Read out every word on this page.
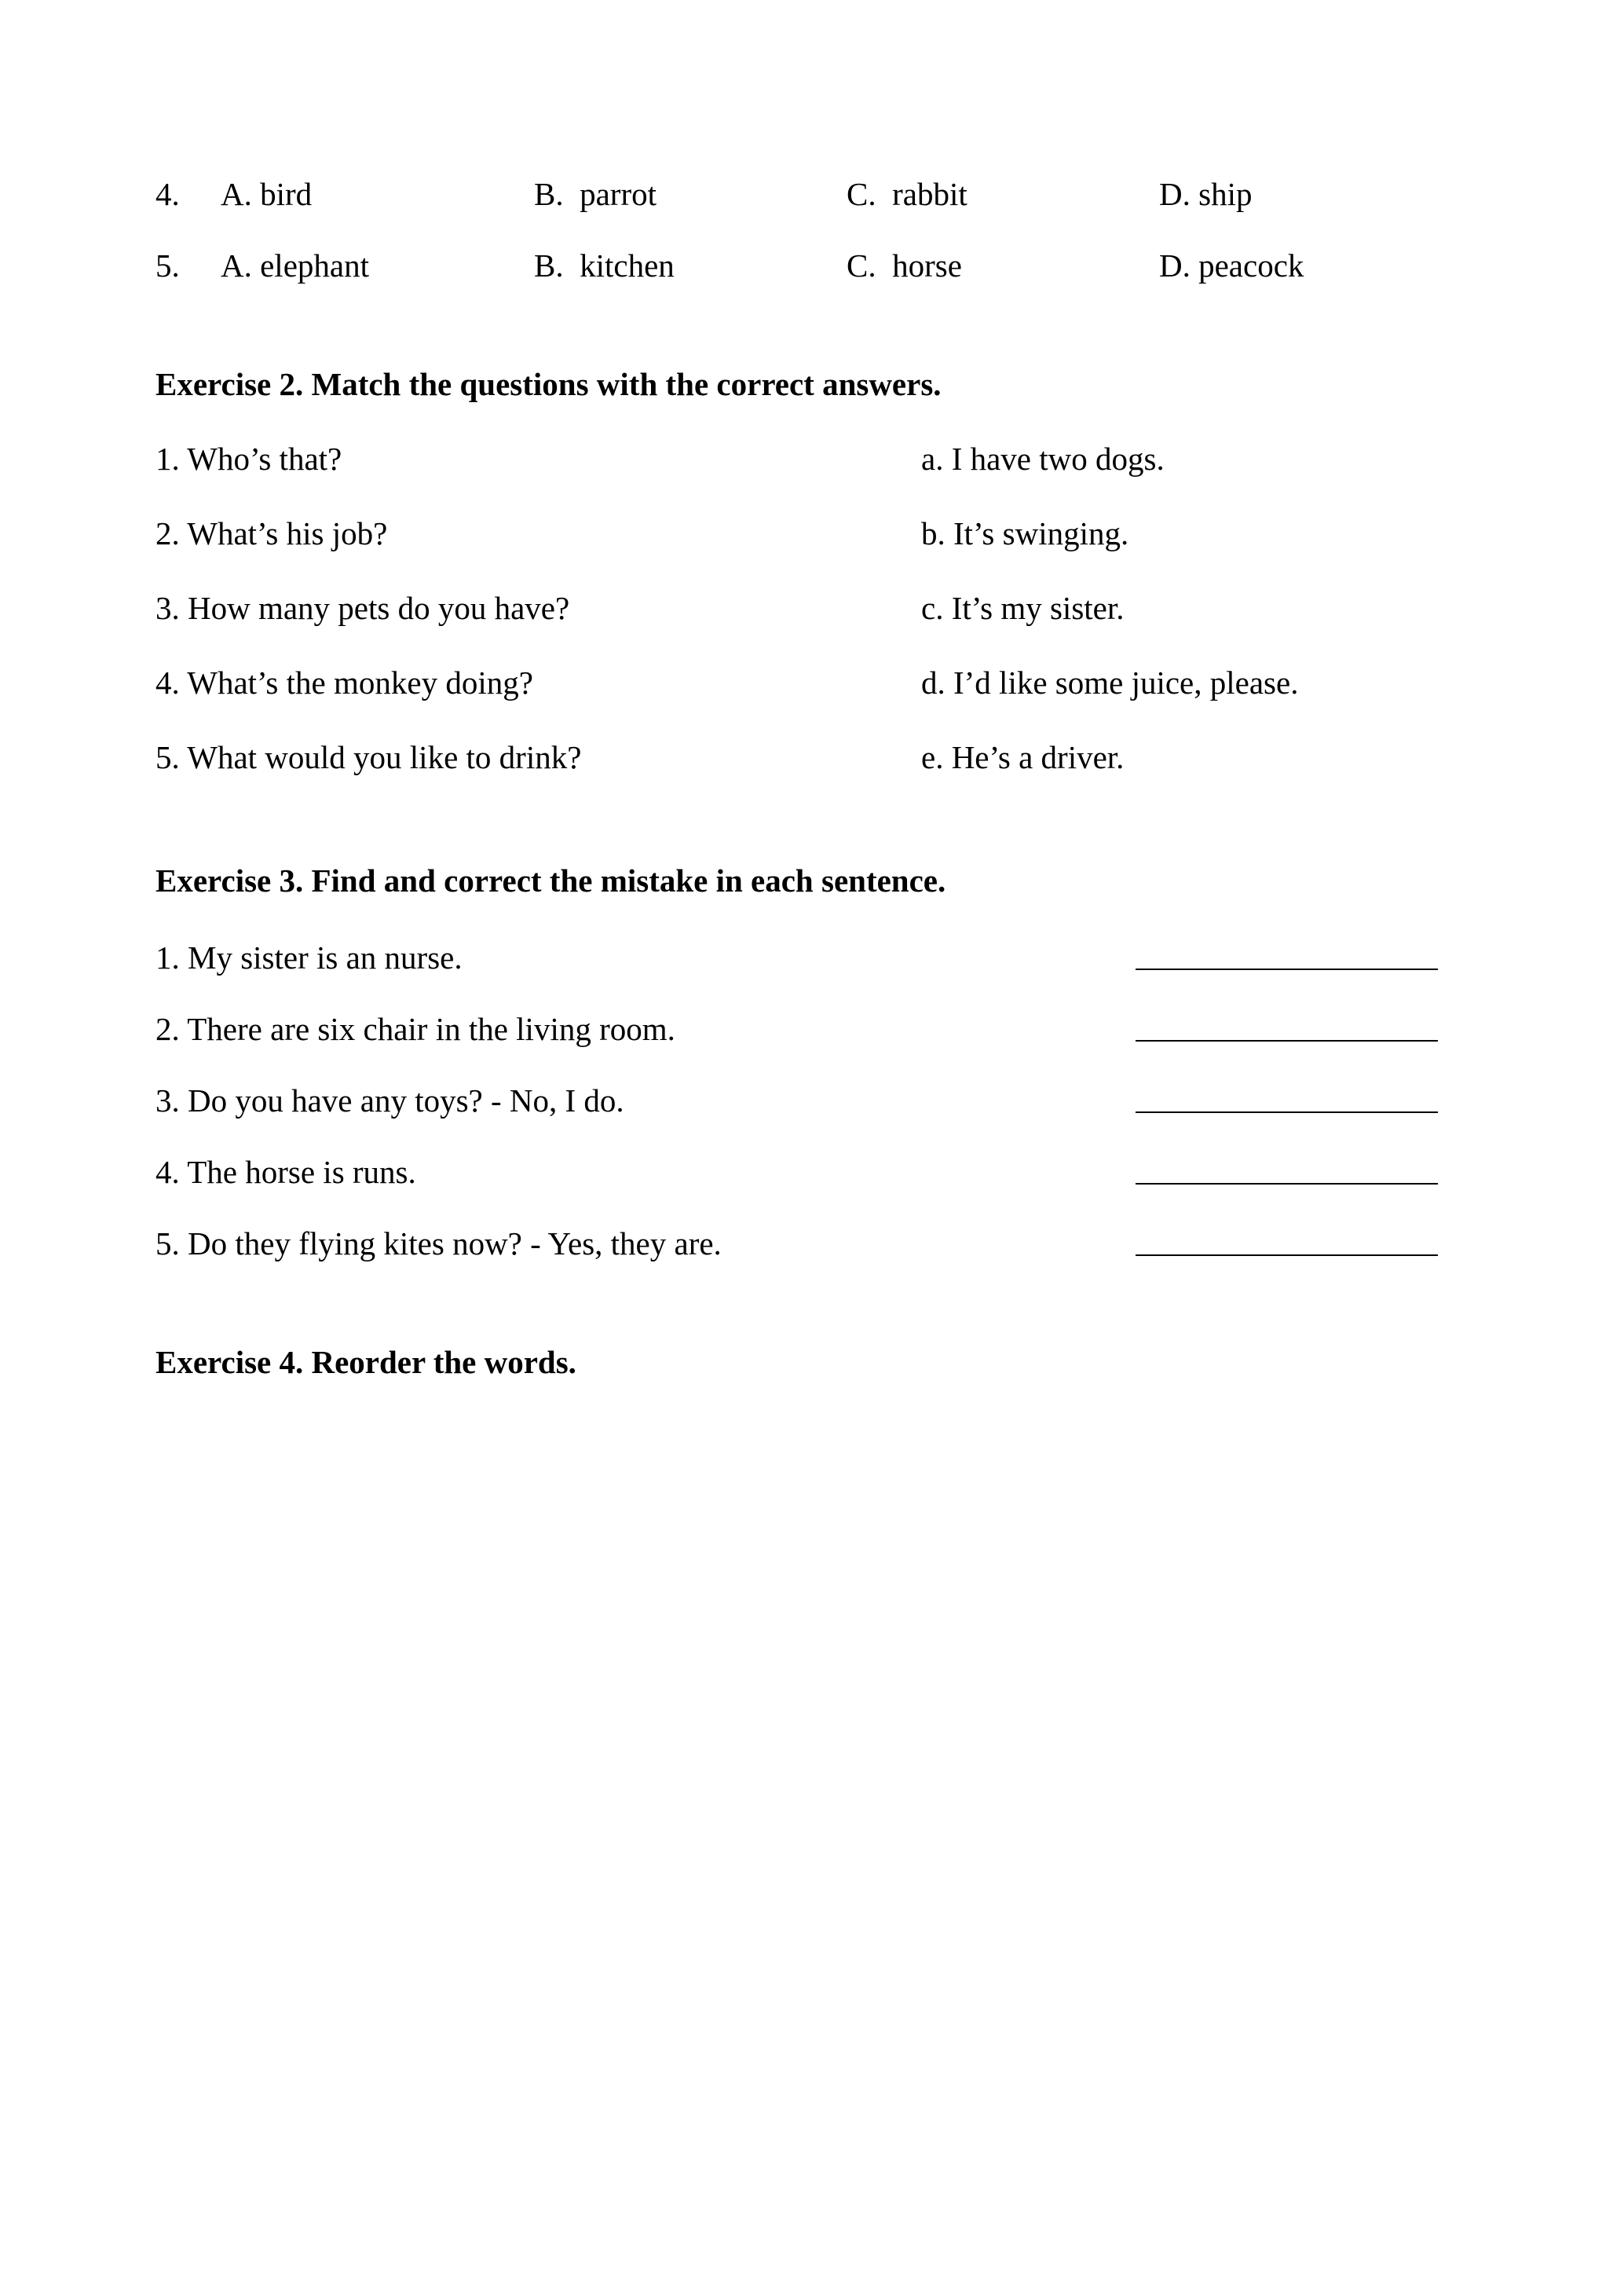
4. A. bird	B.  parrot	C.  rabbit	D. ship
5. A. elephant	B.  kitchen	C.  horse	D. peacock
Exercise 2. Match the questions with the correct answers.
1. Who’s that?	a. I have two dogs.
2. What’s his job?	b. It’s swinging.
3. How many pets do you have?	c. It’s my sister.
4. What’s the monkey doing?	d. I’d like some juice, please.
5. What would you like to drink?	e. He’s a driver.
Exercise 3. Find and correct the mistake in each sentence.
1. My sister is an nurse.
2. There are six chair in the living room.
3. Do you have any toys? - No, I do.
4. The horse is runs.
5. Do they flying kites now? - Yes, they are.
Exercise 4. Reorder the words.
